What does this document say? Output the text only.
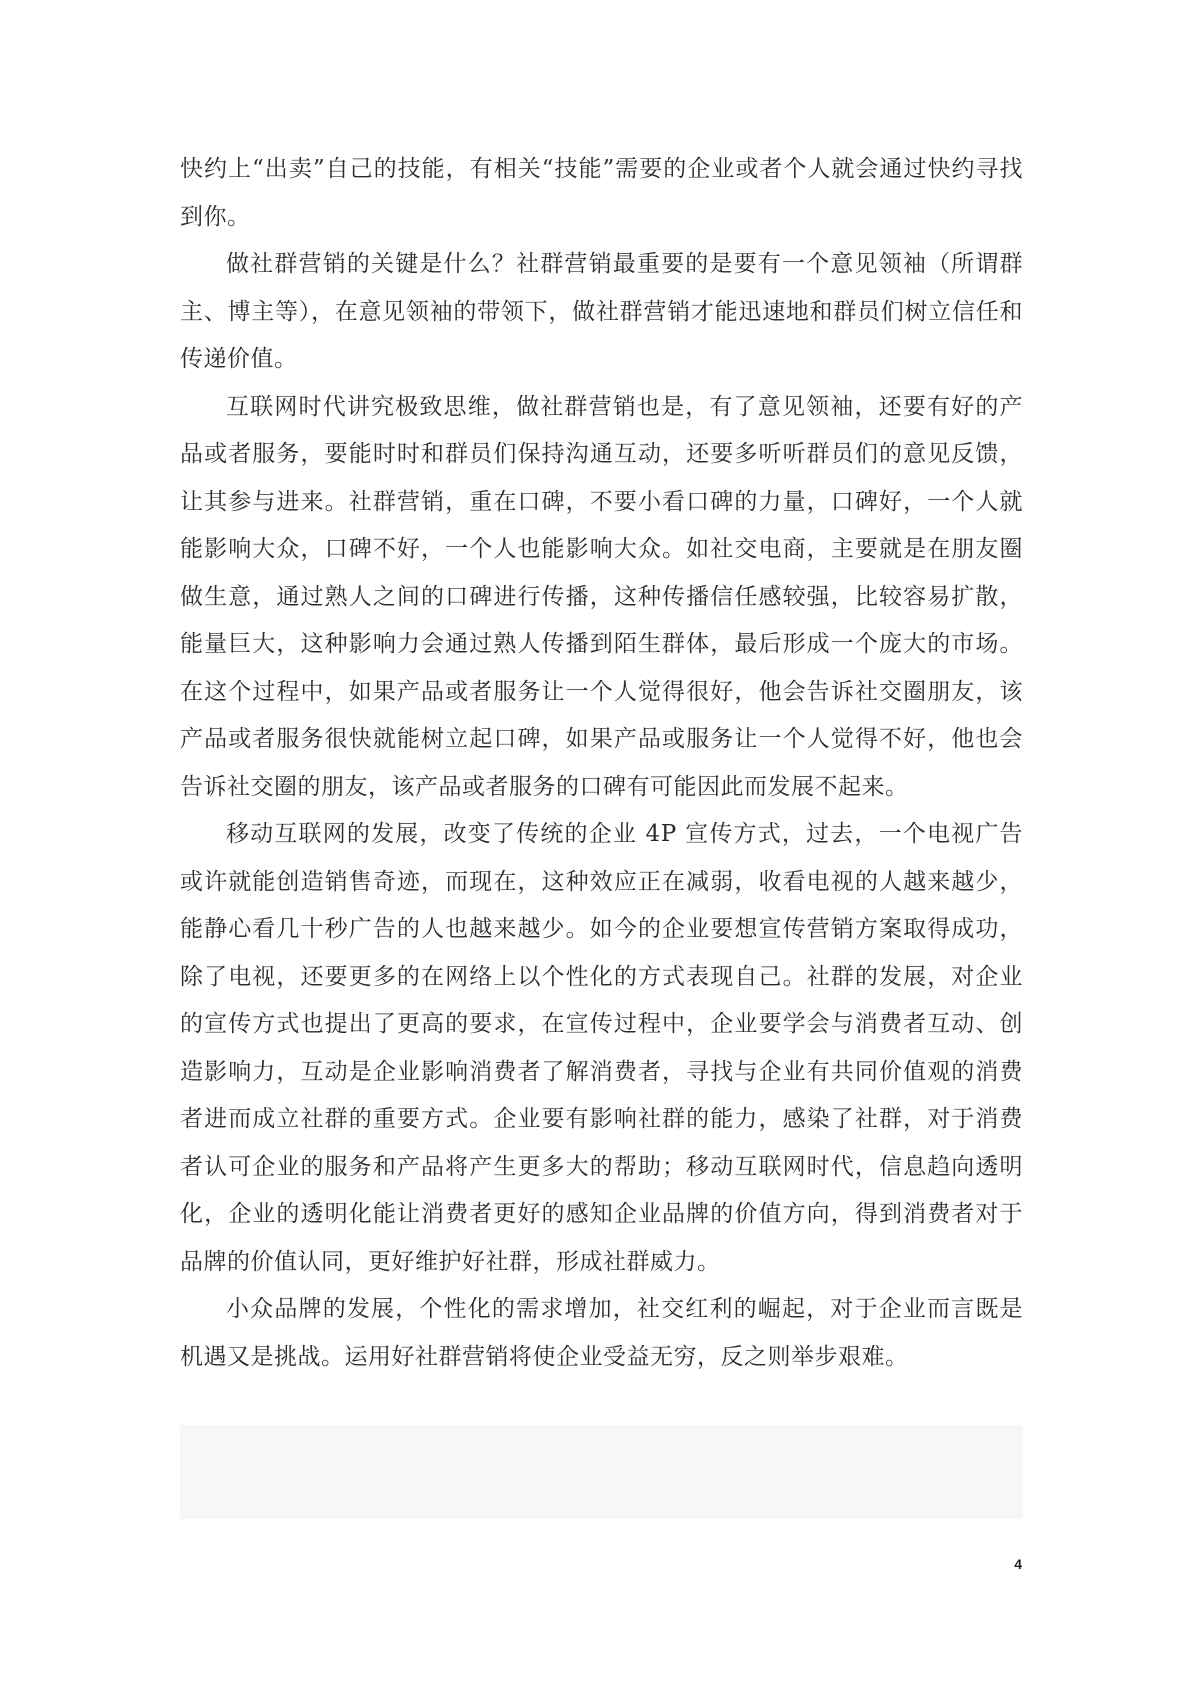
快约上“出卖”自己的技能，有相关“技能”需要的企业或者个人就会通过快约寻找到你。

做社群营销的关键是什么？社群营销最重要的是要有一个意见领袖（所谓群主、博主等），在意见领袖的带领下，做社群营销才能迅速地和群员们树立信任和传递价值。

互联网时代讲究极致思维，做社群营销也是，有了意见领袖，还要有好的产品或者服务，要能时时和群员们保持沟通互动，还要多听听群员们的意见反馈，让其参与进来。社群营销，重在口碑，不要小看口碑的力量，口碑好，一个人就能影响大众，口碑不好，一个人也能影响大众。如社交电商，主要就是在朋友圈做生意，通过熟人之间的口碑进行传播，这种传播信任感较强，比较容易扩散，能量巨大，这种影响力会通过熟人传播到陌生群体，最后形成一个庞大的市场。在这个过程中，如果产品或者服务让一个人觉得很好，他会告诉社交圈朋友，该产品或者服务很快就能树立起口碑，如果产品或服务让一个人觉得不好，他也会告诉社交圈的朋友，该产品或者服务的口碑有可能因此而发展不起来。

移动互联网的发展，改变了传统的企业 4P 宣传方式，过去，一个电视广告或许就能创造销售奇迹，而现在，这种效应正在减弱，收看电视的人越来越少，能静心看几十秒广告的人也越来越少。如今的企业要想宣传营销方案取得成功，除了电视，还要更多的在网络上以个性化的方式表现自己。社群的发展，对企业的宣传方式也提出了更高的要求，在宣传过程中，企业要学会与消费者互动、创造影响力，互动是企业影响消费者了解消费者，寻找与企业有共同价值观的消费者进而成立社群的重要方式。企业要有影响社群的能力，感染了社群，对于消费者认可企业的服务和产品将产生更多大的帮助；移动互联网时代，信息趋向透明化，企业的透明化能让消费者更好的感知企业品牌的价值方向，得到消费者对于品牌的价值认同，更好维护好社群，形成社群威力。

小众品牌的发展，个性化的需求增加，社交红利的崛起，对于企业而言既是机遇又是挑战。运用好社群营销将使企业受益无穷，反之则举步艰难。

4
